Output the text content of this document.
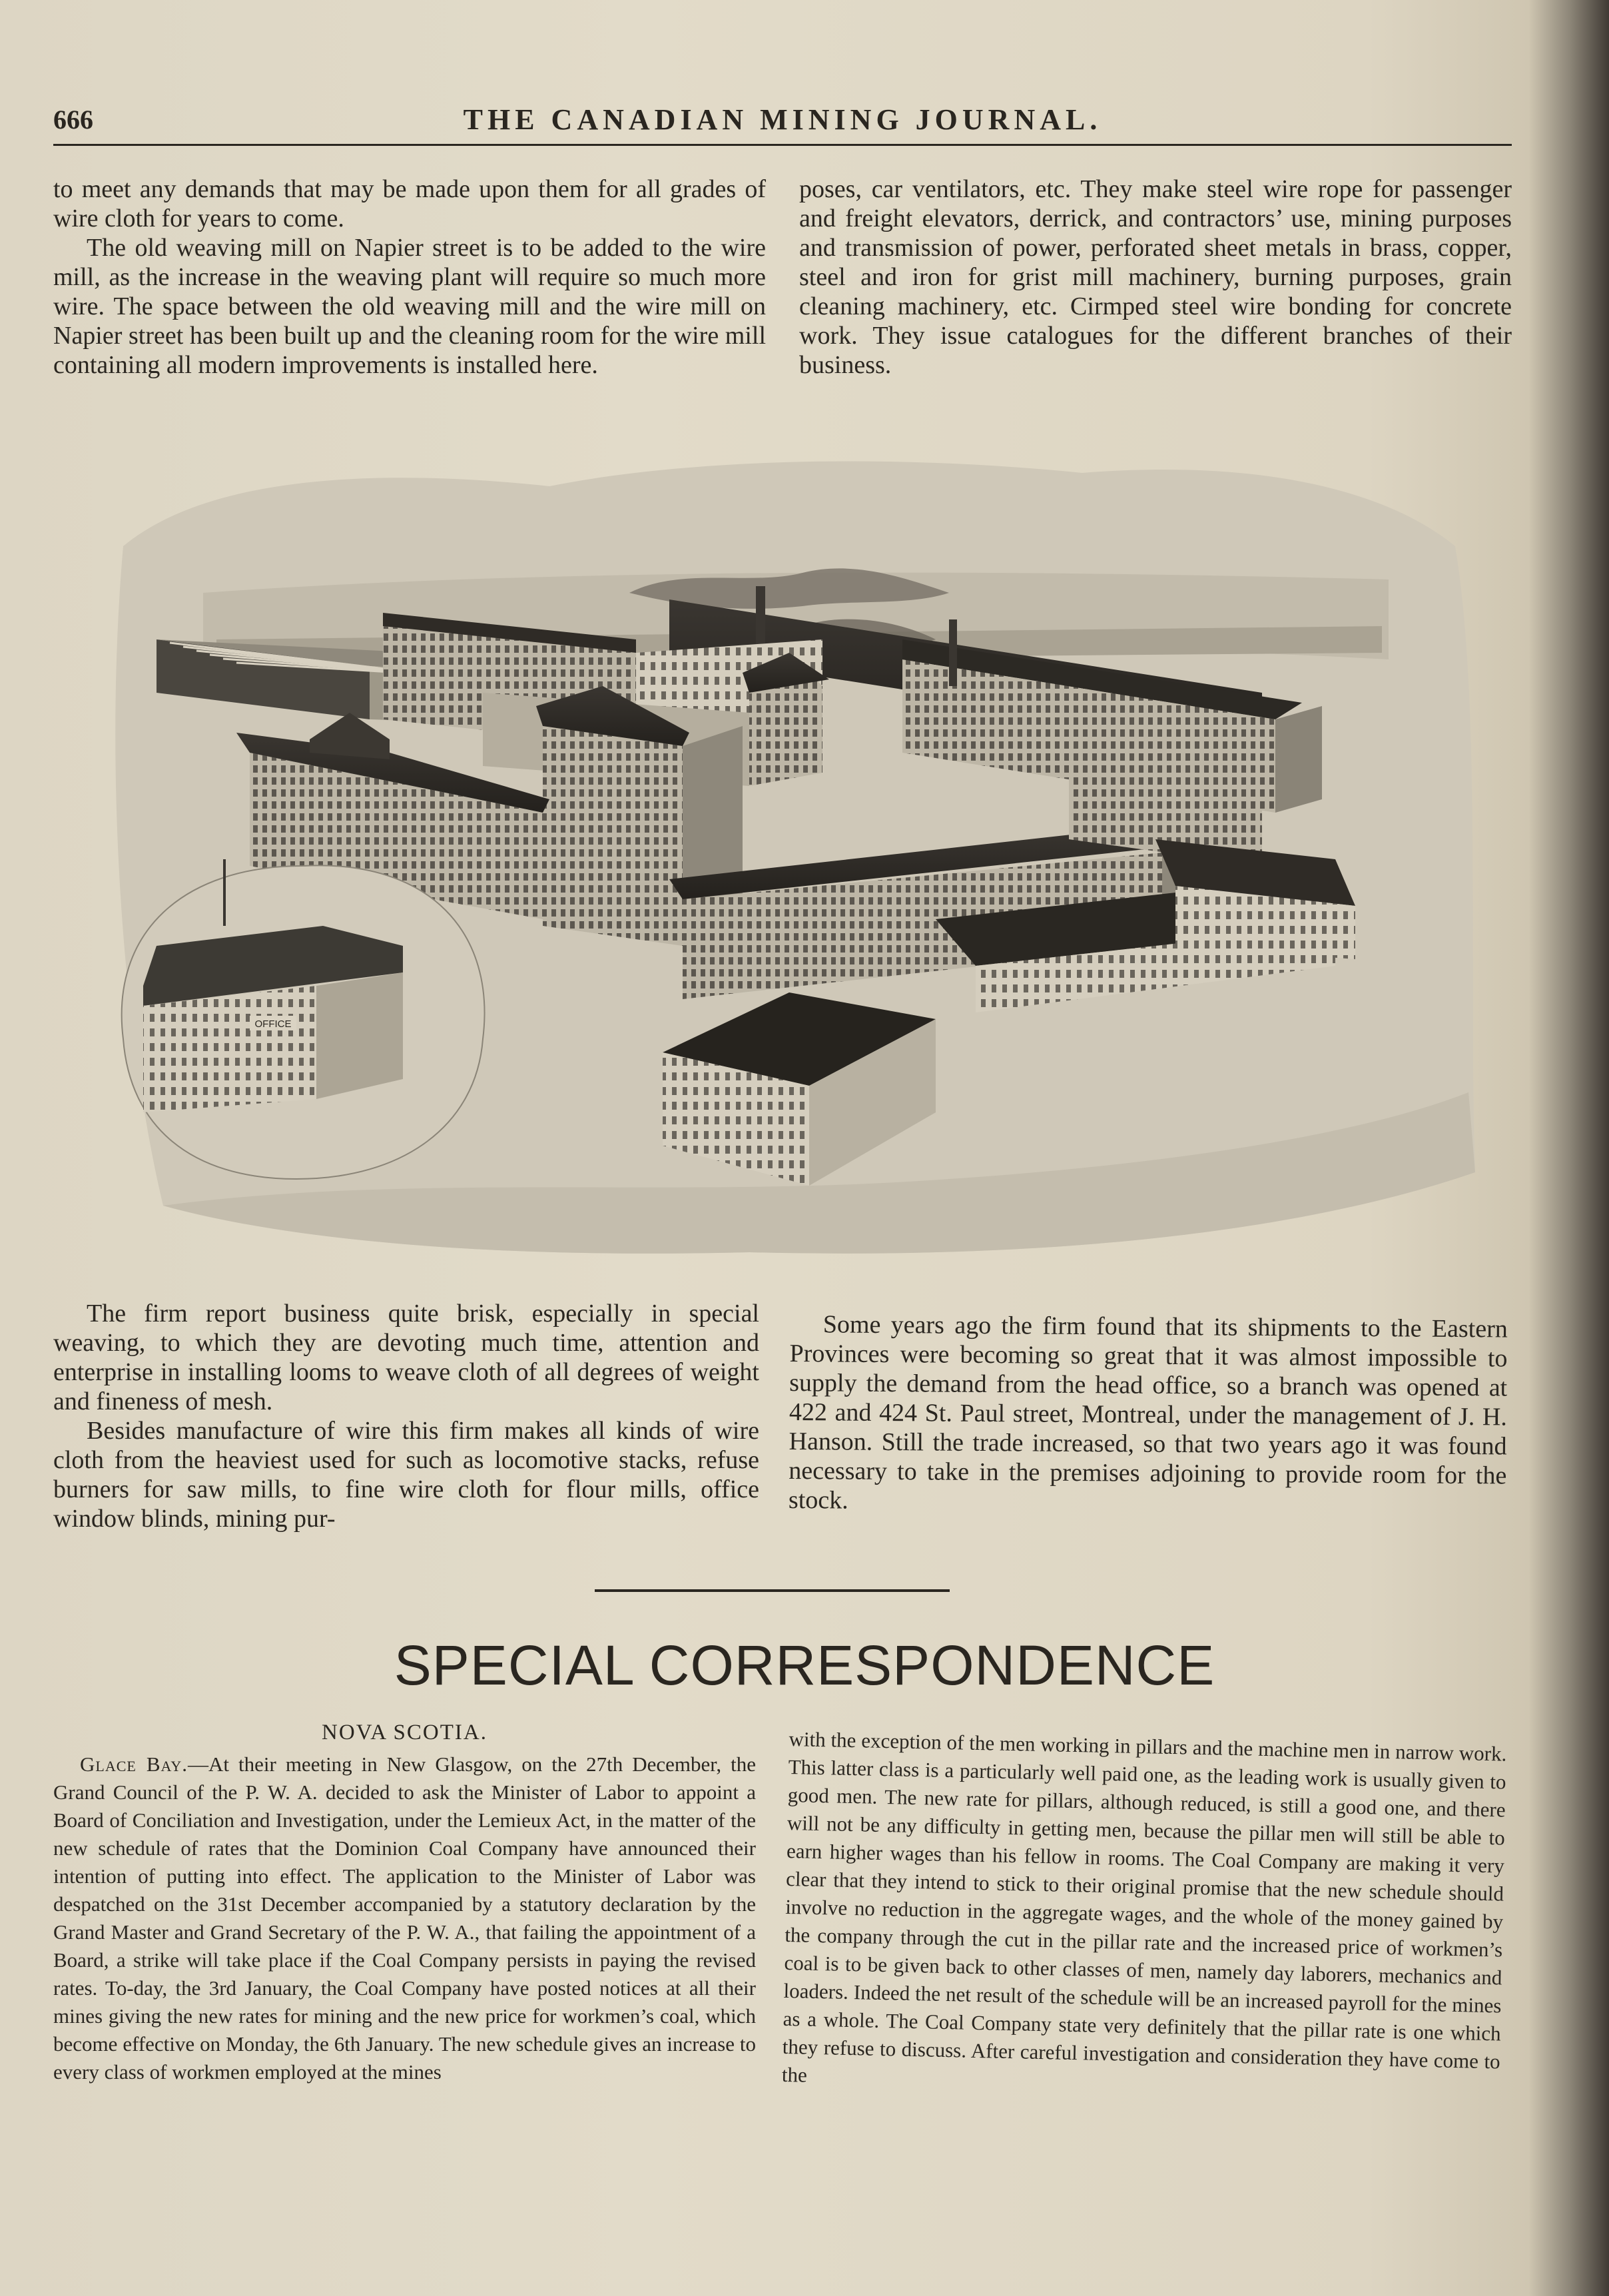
666	THE CANADIAN MINING JOURNAL.

to meet any demands that may be made upon them for all grades of wire cloth for years to come.

The old weaving mill on Napier street is to be added to the wire mill, as the increase in the weaving plant will require so much more wire. The space between the old weaving mill and the wire mill on Napier street has been built up and the cleaning room for the wire mill containing all modern improvements is installed here.

poses, car ventilators, etc. They make steel wire rope for passenger and freight elevators, derrick, and contractors’ use, mining purposes and transmission of power, perforated sheet metals in brass, copper, steel and iron for grist mill machinery, burning purposes, grain cleaning machinery, etc. Cirmped steel wire bonding for concrete work. They issue catalogues for the different branches of their business.

OFFICE

The firm report business quite brisk, especially in special weaving, to which they are devoting much time, attention and enterprise in installing looms to weave cloth of all degrees of weight and fineness of mesh.

Besides manufacture of wire this firm makes all kinds of wire cloth from the heaviest used for such as locomotive stacks, refuse burners for saw mills, to fine wire cloth for flour mills, office window blinds, mining pur-

Some years ago the firm found that its shipments to the Eastern Provinces were becoming so great that it was almost impossible to supply the demand from the head office, so a branch was opened at 422 and 424 St. Paul street, Montreal, under the management of J. H. Hanson. Still the trade increased, so that two years ago it was found necessary to take in the premises adjoining to provide room for the stock.

SPECIAL CORRESPONDENCE
NOVA SCOTIA.

Glace Bay.—At their meeting in New Glasgow, on the 27th December, the Grand Council of the P. W. A. decided to ask the Minister of Labor to appoint a Board of Conciliation and Investigation, under the Lemieux Act, in the matter of the new schedule of rates that the Dominion Coal Company have announced their intention of putting into effect. The application to the Minister of Labor was despatched on the 31st December accompanied by a statutory declaration by the Grand Master and Grand Secretary of the P. W. A., that failing the appointment of a Board, a strike will take place if the Coal Company persists in paying the revised rates. To-day, the 3rd January, the Coal Company have posted notices at all their mines giving the new rates for mining and the new price for workmen’s coal, which become effective on Monday, the 6th January. The new schedule gives an increase to every class of workmen employed at the mines

with the exception of the men working in pillars and the machine men in narrow work. This latter class is a particularly well paid one, as the leading work is usually given to good men. The new rate for pillars, although reduced, is still a good one, and there will not be any difficulty in getting men, because the pillar men will still be able to earn higher wages than his fellow in rooms. The Coal Company are making it very clear that they intend to stick to their original promise that the new schedule should involve no reduction in the aggregate wages, and the whole of the money gained by the company through the cut in the pillar rate and the increased price of workmen’s coal is to be given back to other classes of men, namely day laborers, mechanics and loaders. Indeed the net result of the schedule will be an increased payroll for the mines as a whole. The Coal Company state very definitely that the pillar rate is one which they refuse to discuss. After careful investigation and consideration they have come to the
